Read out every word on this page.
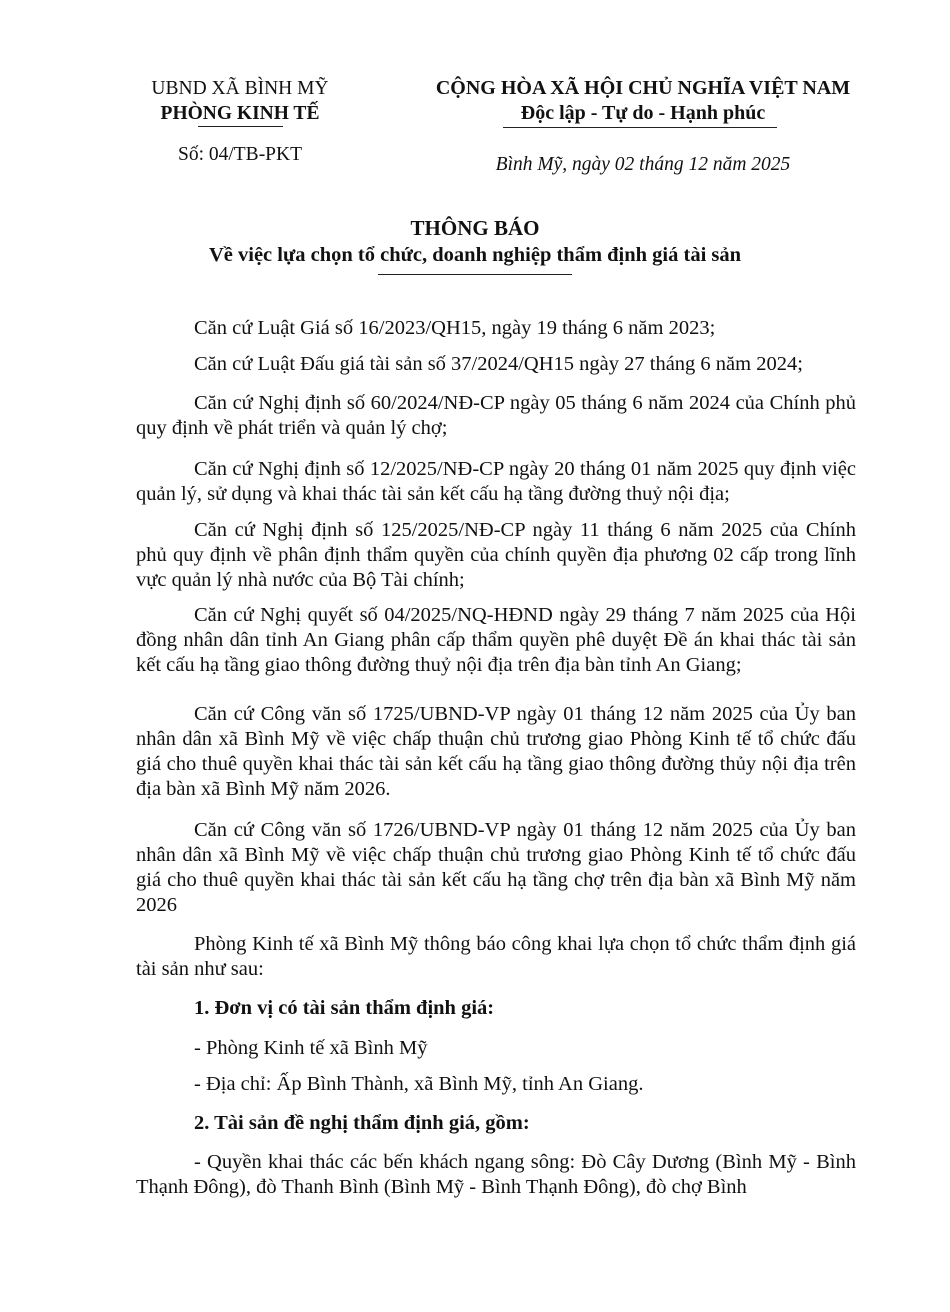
UBND XÃ BÌNH MỸ
PHÒNG KINH TẾ
Số: 04/TB-PKT
CỘNG HÒA XÃ HỘI CHỦ NGHĨA VIỆT NAM
Độc lập - Tự do - Hạnh phúc
Bình Mỹ, ngày 02 tháng 12 năm 2025
THÔNG BÁO
Về việc lựa chọn tổ chức, doanh nghiệp thẩm định giá tài sản
Căn cứ Luật Giá số 16/2023/QH15, ngày 19 tháng 6 năm 2023;
Căn cứ Luật Đấu giá tài sản số 37/2024/QH15 ngày 27 tháng 6 năm 2024;
Căn cứ Nghị định số 60/2024/NĐ-CP ngày 05 tháng 6 năm 2024 của Chính phủ quy định về phát triển và quản lý chợ;
Căn cứ Nghị định số 12/2025/NĐ-CP ngày 20 tháng 01 năm 2025 quy định việc quản lý, sử dụng và khai thác tài sản kết cấu hạ tầng đường thuỷ nội địa;
Căn cứ Nghị định số 125/2025/NĐ-CP ngày 11 tháng 6 năm 2025 của Chính phủ quy định về phân định thẩm quyền của chính quyền địa phương 02 cấp trong lĩnh vực quản lý nhà nước của Bộ Tài chính;
Căn cứ Nghị quyết số 04/2025/NQ-HĐND ngày 29 tháng 7 năm 2025 của Hội đồng nhân dân tỉnh An Giang phân cấp thẩm quyền phê duyệt Đề án khai thác tài sản kết cấu hạ tầng giao thông đường thuỷ nội địa trên địa bàn tỉnh An Giang;
Căn cứ Công văn số 1725/UBND-VP ngày 01 tháng 12 năm 2025 của Ủy ban nhân dân xã Bình Mỹ về việc chấp thuận chủ trương giao Phòng Kinh tế tổ chức đấu giá cho thuê quyền khai thác tài sản kết cấu hạ tầng giao thông đường thủy nội địa trên địa bàn xã Bình Mỹ năm 2026.
Căn cứ Công văn số 1726/UBND-VP ngày 01 tháng 12 năm 2025 của Ủy ban nhân dân xã Bình Mỹ về việc chấp thuận chủ trương giao Phòng Kinh tế tổ chức đấu giá cho thuê quyền khai thác tài sản kết cấu hạ tầng chợ trên địa bàn xã Bình Mỹ năm 2026
Phòng Kinh tế xã Bình Mỹ thông báo công khai lựa chọn tổ chức thẩm định giá tài sản như sau:
1. Đơn vị có tài sản thẩm định giá:
- Phòng Kinh tế xã Bình Mỹ
- Địa chỉ: Ấp Bình Thành, xã Bình Mỹ, tỉnh An Giang.
2. Tài sản đề nghị thẩm định giá, gồm:
- Quyền khai thác các bến khách ngang sông: Đò Cây Dương (Bình Mỹ - Bình Thạnh Đông), đò Thanh Bình (Bình Mỹ - Bình Thạnh Đông), đò chợ Bình
